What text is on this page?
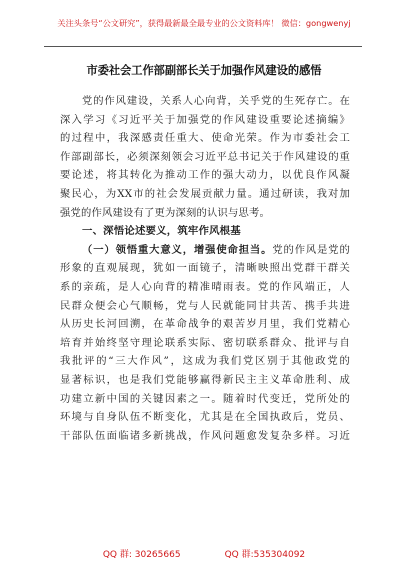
关注头条号“公文研究”，获得最新最全最专业的公文资料库！ 微信：gongwenyj
市委社会工作部副部长关于加强作风建设的感悟
党的作风建设，关系人心向背，关乎党的生死存亡。在
深入学习《习近平关于加强党的作风建设重要论述摘编》
的过程中，我深感责任重大、使命光荣。作为市委社会工
作部副部长，必须深刻领会习近平总书记关于作风建设的重
要论述，将其转化为推动工作的强大动力，以优良作风凝
聚民心，为XX市的社会发展贡献力量。通过研读，我对加
强党的作风建设有了更为深刻的认识与思考。
一、深悟论述要义，筑牢作风根基
（一）领悟重大意义，增强使命担当。党的作风是党的
形象的直观展现，犹如一面镜子，清晰映照出党群干群关
系的亲疏，是人心向背的精准晴雨表。党的作风端正，人
民群众便会心气顺畅，党与人民就能同甘共苦、携手共进
从历史长河回溯，在革命战争的艰苦岁月里，我们党精心
培育并始终坚守理论联系实际、密切联系群众、批评与自
我批评的“三大作风”，这成为我们党区别于其他政党的
显著标识，也是我们党能够赢得新民主主义革命胜利、成
功建立新中国的关键因素之一。随着时代变迁，党所处的
环境与自身队伍不断变化，尤其是在全国执政后，党员、
干部队伍面临诸多新挑战，作风问题愈发复杂多样。习近
QQ 群: 30265665	QQ 群:535304092
